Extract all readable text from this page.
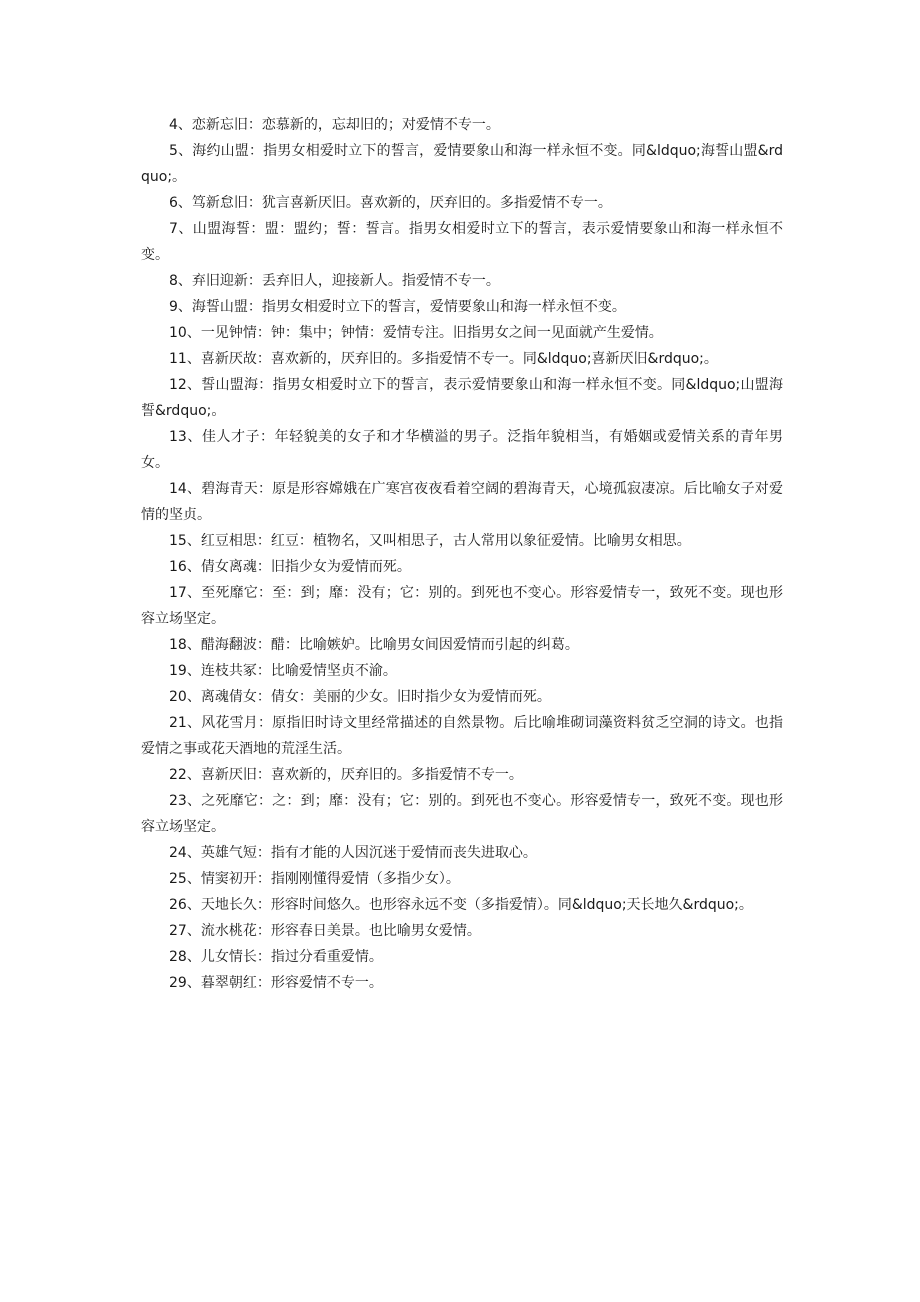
4、恋新忘旧：恋慕新的，忘却旧的；对爱情不专一。

5、海约山盟：指男女相爱时立下的誓言，爱情要象山和海一样永恒不变。同&ldquo;海誓山盟&rdquo;。

6、笃新怠旧：犹言喜新厌旧。喜欢新的，厌弃旧的。多指爱情不专一。

7、山盟海誓：盟：盟约；誓：誓言。指男女相爱时立下的誓言，表示爱情要象山和海一样永恒不变。

8、弃旧迎新：丢弃旧人，迎接新人。指爱情不专一。

9、海誓山盟：指男女相爱时立下的誓言，爱情要象山和海一样永恒不变。

10、一见钟情：钟：集中；钟情：爱情专注。旧指男女之间一见面就产生爱情。

11、喜新厌故：喜欢新的，厌弃旧的。多指爱情不专一。同&ldquo;喜新厌旧&rdquo;。

12、誓山盟海：指男女相爱时立下的誓言，表示爱情要象山和海一样永恒不变。同&ldquo;山盟海誓&rdquo;。

13、佳人才子：年轻貌美的女子和才华横溢的男子。泛指年貌相当，有婚姻或爱情关系的青年男女。

14、碧海青天：原是形容嫦娥在广寒宫夜夜看着空阔的碧海青天，心境孤寂凄凉。后比喻女子对爱情的坚贞。

15、红豆相思：红豆：植物名，又叫相思子，古人常用以象征爱情。比喻男女相思。

16、倩女离魂：旧指少女为爱情而死。

17、至死靡它：至：到；靡：没有；它：别的。到死也不变心。形容爱情专一，致死不变。现也形容立场坚定。

18、醋海翻波：醋：比喻嫉妒。比喻男女间因爱情而引起的纠葛。

19、连枝共冢：比喻爱情坚贞不渝。

20、离魂倩女：倩女：美丽的少女。旧时指少女为爱情而死。

21、风花雪月：原指旧时诗文里经常描述的自然景物。后比喻堆砌词藻资料贫乏空洞的诗文。也指爱情之事或花天酒地的荒淫生活。

22、喜新厌旧：喜欢新的，厌弃旧的。多指爱情不专一。

23、之死靡它：之：到；靡：没有；它：别的。到死也不变心。形容爱情专一，致死不变。现也形容立场坚定。

24、英雄气短：指有才能的人因沉迷于爱情而丧失进取心。

25、情窦初开：指刚刚懂得爱情（多指少女）。

26、天地长久：形容时间悠久。也形容永远不变（多指爱情）。同&ldquo;天长地久&rdquo;。

27、流水桃花：形容春日美景。也比喻男女爱情。

28、儿女情长：指过分看重爱情。

29、暮翠朝红：形容爱情不专一。
